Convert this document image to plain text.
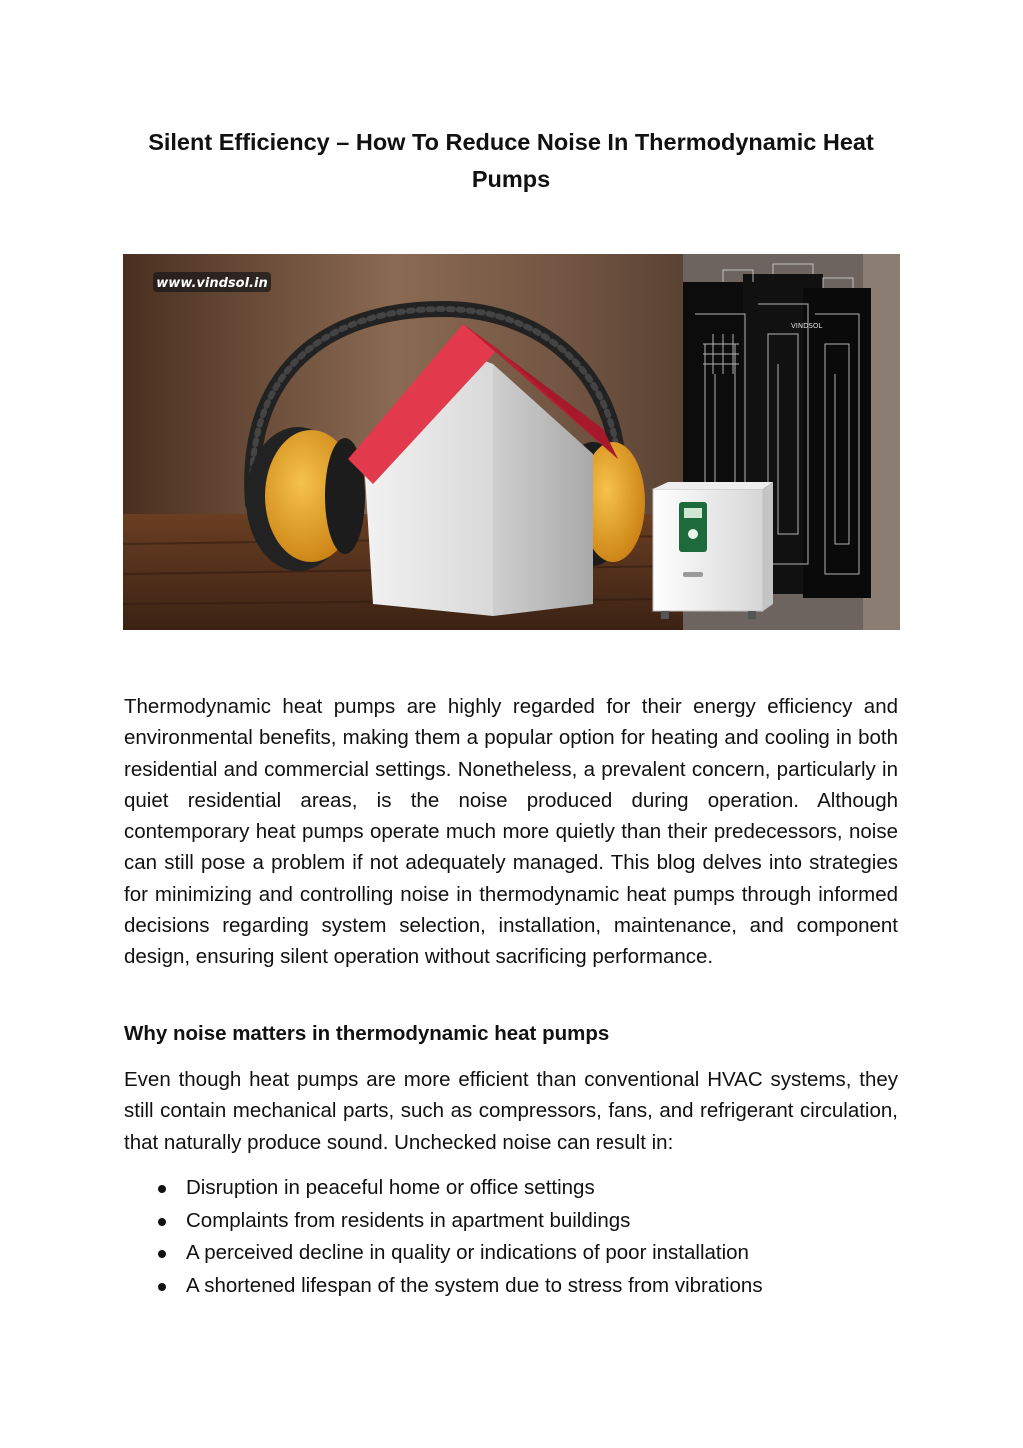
Silent Efficiency – How To Reduce Noise In Thermodynamic Heat Pumps
www.vindsol.in
VINDSOL

Thermodynamic heat pumps are highly regarded for their energy efficiency and environmental benefits, making them a popular option for heating and cooling in both residential and commercial settings. Nonetheless, a prevalent concern, particularly in quiet residential areas, is the noise produced during operation. Although contemporary heat pumps operate much more quietly than their predecessors, noise can still pose a problem if not adequately managed. This blog delves into strategies for minimizing and controlling noise in thermodynamic heat pumps through informed decisions regarding system selection, installation, maintenance, and component design, ensuring silent operation without sacrificing performance.

Why noise matters in thermodynamic heat pumps

Even though heat pumps are more efficient than conventional HVAC systems, they still contain mechanical parts, such as compressors, fans, and refrigerant circulation, that naturally produce sound. Unchecked noise can result in:

Disruption in peaceful home or office settings
Complaints from residents in apartment buildings
A perceived decline in quality or indications of poor installation
A shortened lifespan of the system due to stress from vibrations
